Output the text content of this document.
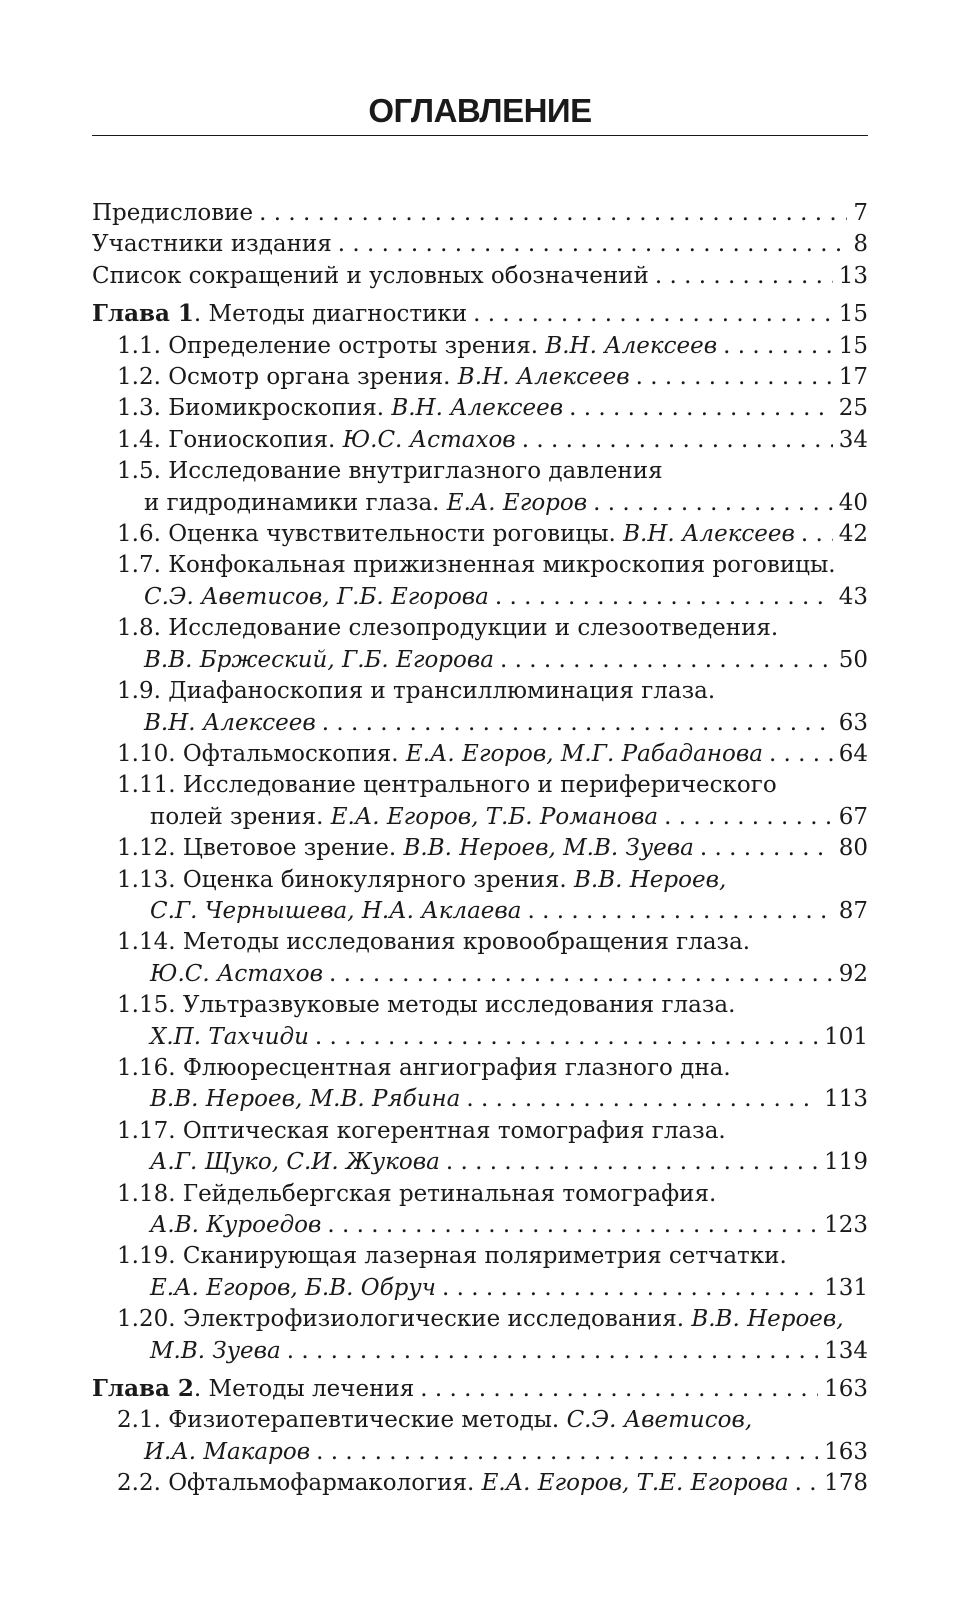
ОГЛАВЛЕНИЕ
Предисловие . . .	7
Участники издания . . .	8
Список сокращений и условных обозначений . . .	13
Глава 1. Методы диагностики . . .	15
1.1. Определение остроты зрения. В.Н. Алексеев . . .	15
1.2. Осмотр органа зрения. В.Н. Алексеев . . .	17
1.3. Биомикроскопия. В.Н. Алексеев . . .	25
1.4. Гониоскопия. Ю.С. Астахов . . .	34
1.5. Исследование внутриглазного давления
и гидродинамики глаза. Е.А. Егоров . . .	40
1.6. Оценка чувствительности роговицы. В.Н. Алексеев . . . 42
1.7. Конфокальная прижизненная микроскопия роговицы.
С.Э. Аветисов, Г.Б. Егорова . . .	43
1.8. Исследование слезопродукции и слезоотведения.
В.В. Бржеский, Г.Б. Егорова . . .	50
1.9. Диафаноскопия и трансиллюминация глаза.
В.Н. Алексеев . . .	63
1.10. Офтальмоскопия. Е.А. Егоров, М.Г. Рабаданова . . .	64
1.11. Исследование центрального и периферического
полей зрения. Е.А. Егоров, Т.Б. Романова . . .	67
1.12. Цветовое зрение. В.В. Нероев, М.В. Зуева . . .	80
1.13. Оценка бинокулярного зрения. В.В. Нероев,
С.Г. Чернышева, Н.А. Аклаева . . .	87
1.14. Методы исследования кровообращения глаза.
Ю.С. Астахов . . .	92
1.15. Ультразвуковые методы исследования глаза.
Х.П. Тахчиди . . .	101
1.16. Флюоресцентная ангиография глазного дна.
В.В. Нероев, М.В. Рябина . . .	113
1.17. Оптическая когерентная томография глаза.
А.Г. Щуко, С.И. Жукова . . .	119
1.18. Гейдельбергская ретинальная томография.
А.В. Куроедов . . .	123
1.19. Сканирующая лазерная поляриметрия сетчатки.
Е.А. Егоров, Б.В. Обруч . . .	131
1.20. Электрофизиологические исследования. В.В. Нероев,
М.В. Зуева . . .	134
Глава 2. Методы лечения . . .	163
2.1. Физиотерапевтические методы. С.Э. Аветисов,
И.А. Макаров . . .	163
2.2. Офтальмофармакология. Е.А. Егоров, Т.Е. Егорова . . . 178
